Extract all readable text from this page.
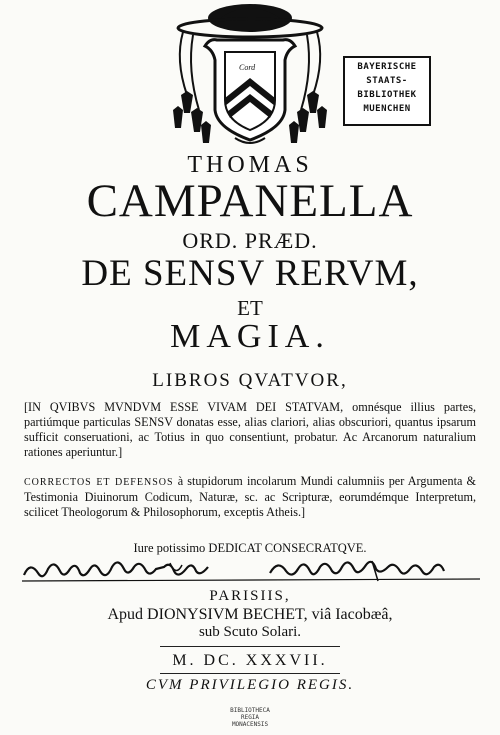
Cord	BAYERISCHE
STAATS-
BIBLIOTHEK
MUENCHEN
THOMAS
CAMPANELLA
ORD. PRÆD.
DE SENSV RERVM,
ET
MAGIA.
LIBROS QVATVOR,
[IN QVIBVS MVNDVM ESSE VIVAM DEI STATVAM, omnésque illius partes, partiúmque particulas SENSV donatas esse, alias clariori, alias obscuriori, quantus ipsarum sufficit conseruationi, ac Totius in quo consentiunt, probatur. Ac Arcanorum naturalium rationes aperiuntur.]
CORRECTOS ET DEFENSOS à stupidorum incolarum Mundi calumniis per Argumenta & Testimonia Diuinorum Codicum, Naturæ, sc. ac Scripturæ, eorumdémque Interpretum, scilicet Theologorum & Philosophorum, exceptis Atheis.]
Iure potissimo DEDICAT CONSECRATQVE.
PARISIIS,
Apud DIONYSIVM BECHET, viâ Iacobæâ,
sub Scuto Solari.
M. DC. XXXVII.
CVM PRIVILEGIO REGIS.
BIBLIOTHECA
REGIA
MONACENSIS
